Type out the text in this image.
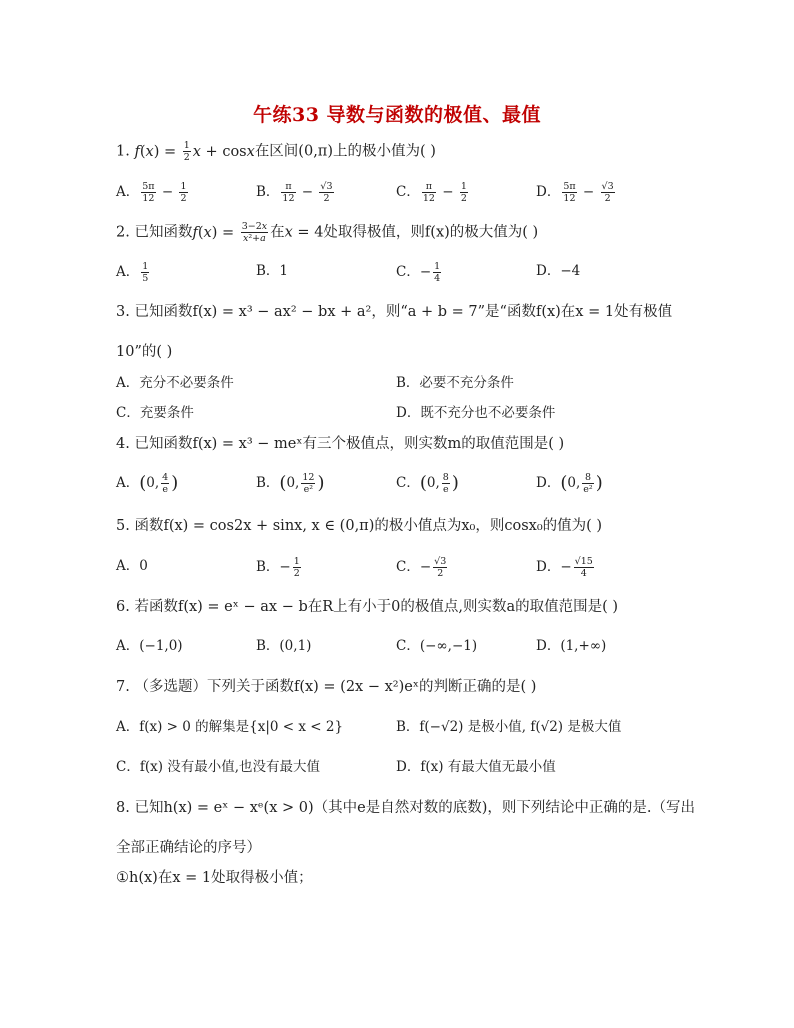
午练33 导数与函数的极值、最值
1. $f(x) = \frac{1}{2}$ x + cosx在区间(0,π)上的极小值为( )
A． $\frac{5\pi}{12} - \frac{1}{2}$	B． $\frac{\pi}{12} - \frac{√3}{2}$	C． $\frac{\pi}{12} - \frac{1}{2}$	D． $\frac{5\pi}{12} - \frac{√3}{2}$
2. 已知函数$f(x) = \frac{3-2x}{\text{x²+a}}$ 在x = 4处取得极值，则f(x)的极大值为( )
A． $\frac{1}{5}$	B．1	C．− $\frac{1}{4}$	D．−4
3. 已知函数f(x) = x³ − ax² − bx + a²，则“a + b = 7”是“函数f(x)在x = 1处有极值
10”的( )
A．充分不必要条件	B．必要不充分条件
C．充要条件	D．既不充分也不必要条件
4. 已知函数f(x) = x³ − meˣ有三个极值点，则实数m的取值范围是( )
A．(0, $\frac{4}{e}$ )	B．(0, $\frac{12}{\text{e²}}$ )	C．(0, $\frac{8}{e}$ )	D．(0, $\frac{8}{\text{e²}}$ )
5. 函数f(x) = cos2x + sinx, x ∈ (0,π)的极小值点为x₀，则cosx₀的值为( )
A．0	B．− $\frac{1}{2}$	C．− $\frac{√3}{2}$	D．− $\frac{√15}{4}$
6. 若函数f(x) = eˣ − ax − b在R上有小于0的极值点,则实数a的取值范围是( )
A．(−1,0)	B．(0,1)	C．(−∞,−1)	D．(1,+∞)
7. （多选题）下列关于函数f(x) = (2x − x²)eˣ的判断正确的是( )
A．f(x) > 0 的解集是{x|0 < x < 2}	B．f(−√2) 是极小值, f(√2) 是极大值
C．f(x) 没有最小值,也没有最大值	D．f(x) 有最大值无最小值
8. 已知h(x) = eˣ − xᵉ(x > 0)（其中e是自然对数的底数)，则下列结论中正确的是.（写出
全部正确结论的序号）
①h(x)在x = 1处取得极小值；
